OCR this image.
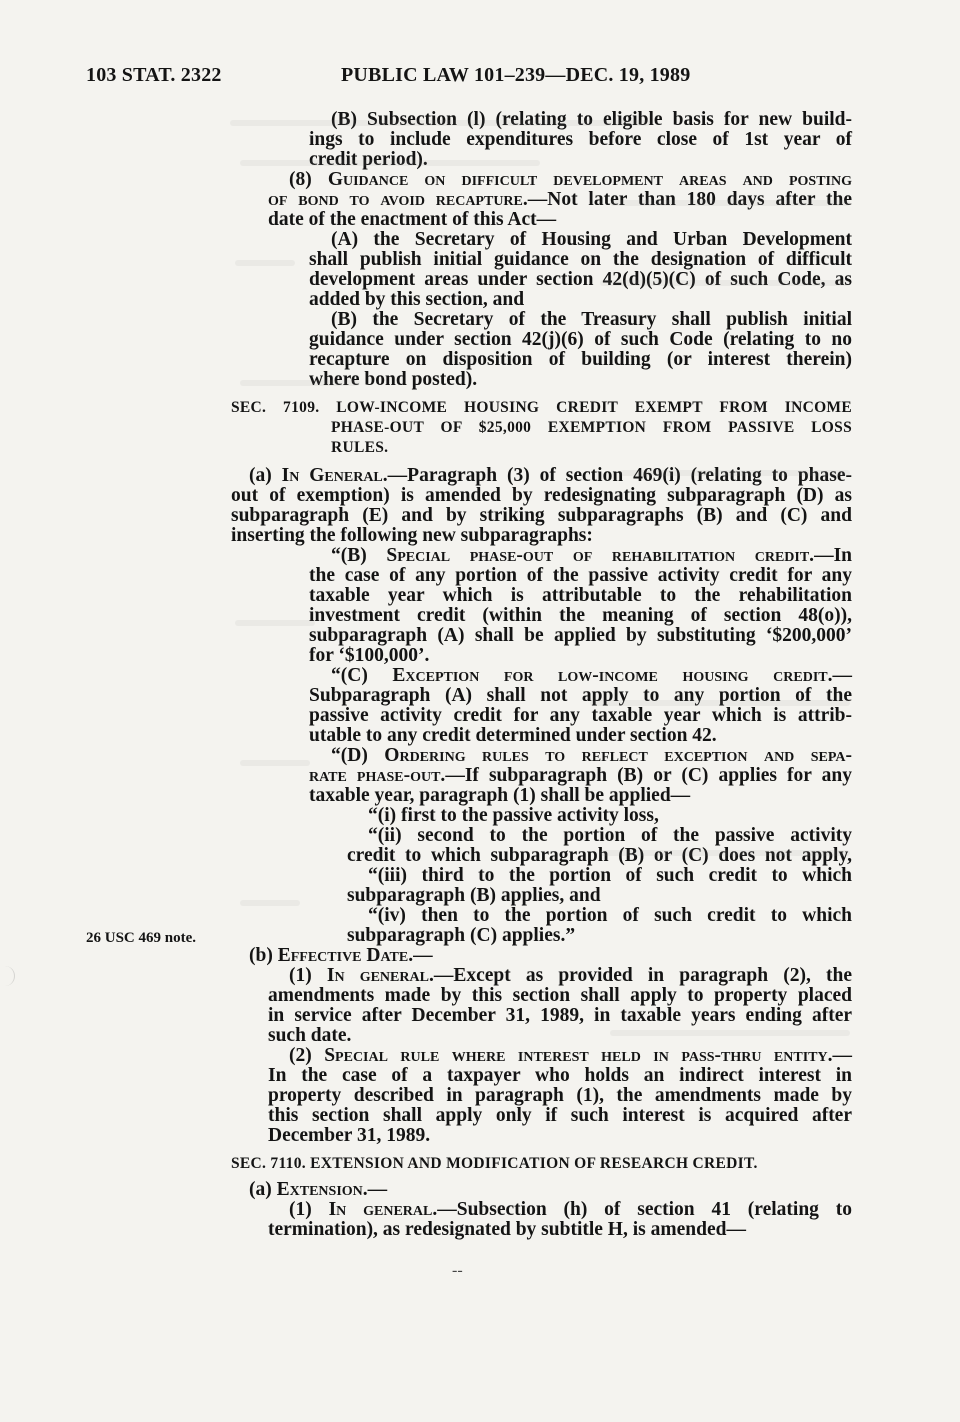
103 STAT. 2322	PUBLIC LAW 101–239—DEC. 19, 1989
(B) Subsection (l) (relating to eligible basis for new build-
ings to include expenditures before close of 1st year of
credit period).
(8) Guidance on difficult development areas and posting
of bond to avoid recapture.—Not later than 180 days after the
date of the enactment of this Act—
(A) the Secretary of Housing and Urban Development
shall publish initial guidance on the designation of difficult
development areas under section 42(d)(5)(C) of such Code, as
added by this section, and
(B) the Secretary of the Treasury shall publish initial
guidance under section 42(j)(6) of such Code (relating to no
recapture on disposition of building (or interest therein)
where bond posted).
SEC. 7109. LOW-INCOME HOUSING CREDIT EXEMPT FROM INCOME
PHASE-OUT OF $25,000 EXEMPTION FROM PASSIVE LOSS
RULES.
(a) In General.—Paragraph (3) of section 469(i) (relating to phase-
out of exemption) is amended by redesignating subparagraph (D) as
subparagraph (E) and by striking subparagraphs (B) and (C) and
inserting the following new subparagraphs:
“(B) Special phase-out of rehabilitation credit.—In
the case of any portion of the passive activity credit for any
taxable year which is attributable to the rehabilitation
investment credit (within the meaning of section 48(o)),
subparagraph (A) shall be applied by substituting ‘$200,000’
for ‘$100,000’.
“(C) Exception for low-income housing credit.—
Subparagraph (A) shall not apply to any portion of the
passive activity credit for any taxable year which is attrib-
utable to any credit determined under section 42.
“(D) Ordering rules to reflect exception and sepa-
rate phase-out.—If subparagraph (B) or (C) applies for any
taxable year, paragraph (1) shall be applied—
“(i) first to the passive activity loss,
“(ii) second to the portion of the passive activity
credit to which subparagraph (B) or (C) does not apply,
“(iii) third to the portion of such credit to which
subparagraph (B) applies, and
“(iv) then to the portion of such credit to which
subparagraph (C) applies.”
(b) Effective Date.—
(1) In general.—Except as provided in paragraph (2), the
amendments made by this section shall apply to property placed
in service after December 31, 1989, in taxable years ending after
such date.
(2) Special rule where interest held in pass-thru entity.—
In the case of a taxpayer who holds an indirect interest in
property described in paragraph (1), the amendments made by
this section shall apply only if such interest is acquired after
December 31, 1989.
SEC. 7110. EXTENSION AND MODIFICATION OF RESEARCH CREDIT.
(a) Extension.—
(1) In general.—Subsection (h) of section 41 (relating to
termination), as redesignated by subtitle H, is amended—
26 USC 469 note.
--
